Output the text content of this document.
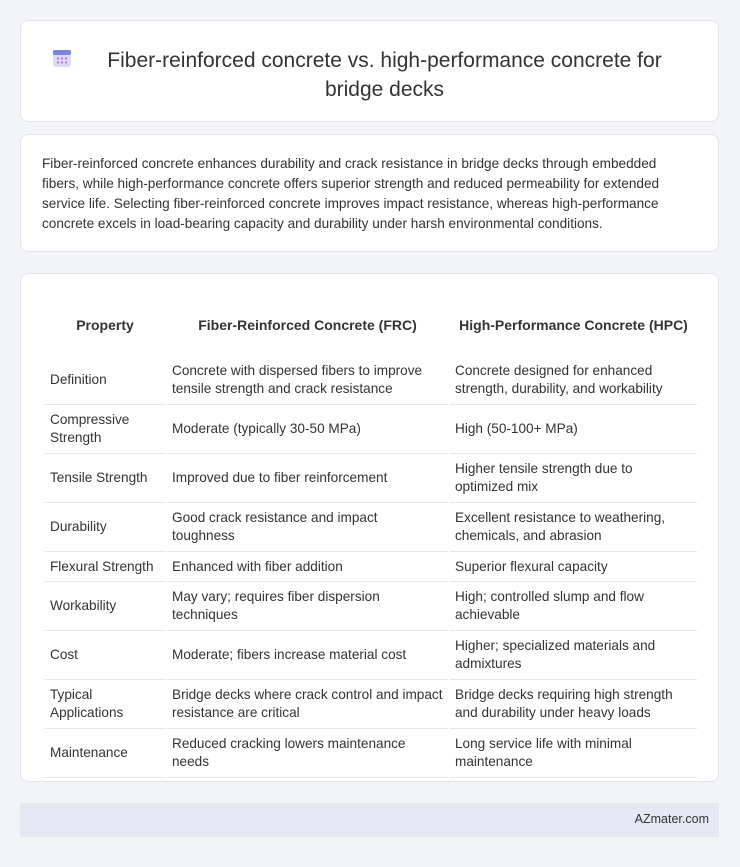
Fiber-reinforced concrete vs. high-performance concrete for bridge decks

Fiber-reinforced concrete enhances durability and crack resistance in bridge decks through embedded fibers, while high-performance concrete offers superior strength and reduced permeability for extended service life. Selecting fiber-reinforced concrete improves impact resistance, whereas high-performance concrete excels in load-bearing capacity and durability under harsh environmental conditions.

Property	Fiber-Reinforced Concrete (FRC)	High-Performance Concrete (HPC)
Definition	Concrete with dispersed fibers to improve tensile strength and crack resistance	Concrete designed for enhanced strength, durability, and workability
Compressive Strength	Moderate (typically 30-50 MPa)	High (50-100+ MPa)
Tensile Strength	Improved due to fiber reinforcement	Higher tensile strength due to optimized mix
Durability	Good crack resistance and impact toughness	Excellent resistance to weathering, chemicals, and abrasion
Flexural Strength	Enhanced with fiber addition	Superior flexural capacity
Workability	May vary; requires fiber dispersion techniques	High; controlled slump and flow achievable
Cost	Moderate; fibers increase material cost	Higher; specialized materials and admixtures
Typical Applications	Bridge decks where crack control and impact resistance are critical	Bridge decks requiring high strength and durability under heavy loads
Maintenance	Reduced cracking lowers maintenance needs	Long service life with minimal maintenance
AZmater.com
